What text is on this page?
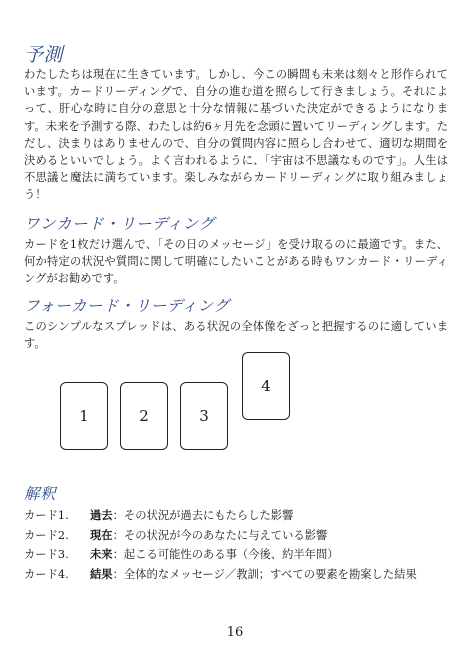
予測

わたしたちは現在に生きています。しかし、今この瞬間も未来は刻々と形作られています。カードリーディングで、自分の進む道を照らして行きましょう。それによって、肝心な時に自分の意思と十分な情報に基づいた決定ができるようになります。未来を予測する際、わたしは約6ヶ月先を念頭に置いてリーディングします。ただし、決まりはありませんので、自分の質問内容に照らし合わせて、適切な期間を決めるといいでしょう。よく言われるように、「宇宙は不思議なものです」。人生は不思議と魔法に満ちています。楽しみながらカードリーディングに取り組みましょう！

ワンカード・リーディング

カードを1枚だけ選んで、「その日のメッセージ」を受け取るのに最適です。また、何か特定の状況や質問に関して明確にしたいことがある時もワンカード・リーディングがお勧めです。

フォーカード・リーディング

このシンプルなスプレッドは、ある状況の全体像をざっと把握するのに適しています。

1	2	3
4
解釈
カード1.	過去 ： その状況が過去にもたらした影響
カード2.	現在 ： その状況が今のあなたに与えている影響
カード3.	未来 ： 起こる可能性のある事（今後、約半年間）
カード4.	結果 ： 全体的なメッセージ／教訓；すべての要素を勘案した結果
16
